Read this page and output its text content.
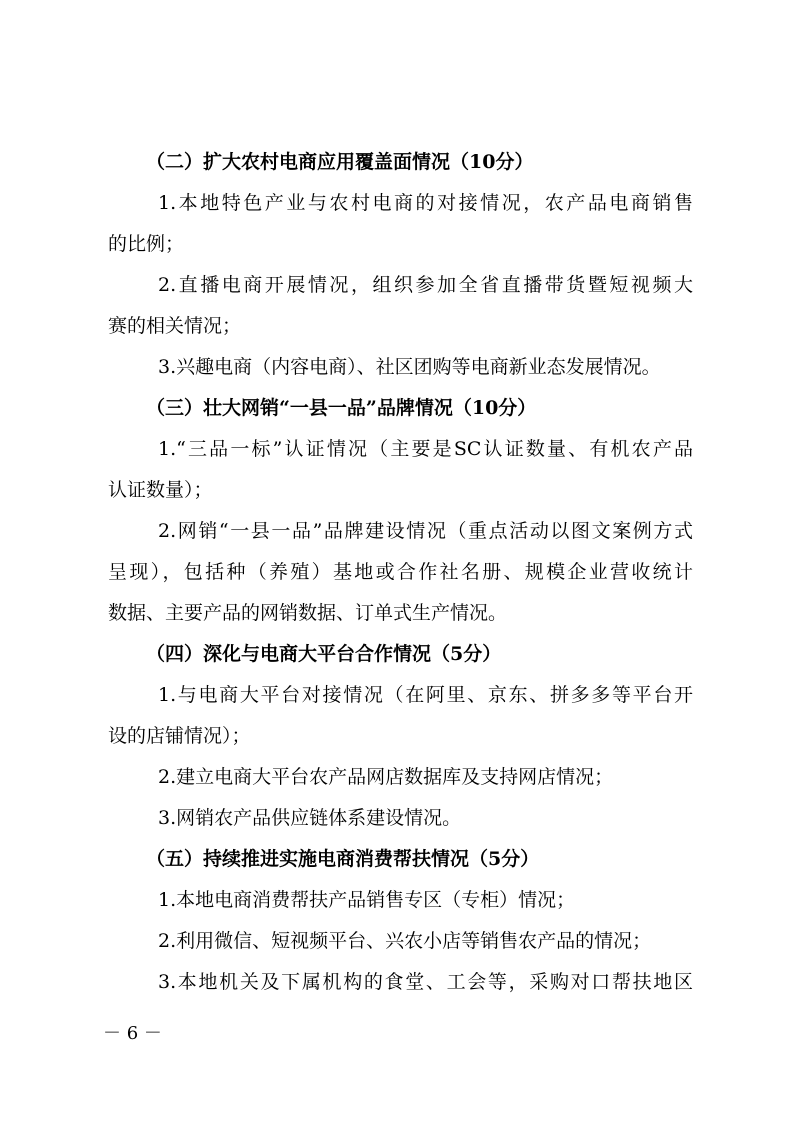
（二）扩大农村电商应用覆盖面情况（10分）
1.本地特色产业与农村电商的对接情况，农产品电商销售
的比例；
2.直播电商开展情况，组织参加全省直播带货暨短视频大
赛的相关情况；
3.兴趣电商（内容电商）、社区团购等电商新业态发展情况。
（三）壮大网销“一县一品”品牌情况（10分）
1.“三品一标”认证情况（主要是SC认证数量、有机农产品
认证数量）；
2.网销“一县一品”品牌建设情况（重点活动以图文案例方式
呈现），包括种（养殖）基地或合作社名册、规模企业营收统计
数据、主要产品的网销数据、订单式生产情况。
（四）深化与电商大平台合作情况（5分）
1.与电商大平台对接情况（在阿里、京东、拼多多等平台开
设的店铺情况）；
2.建立电商大平台农产品网店数据库及支持网店情况；
3.网销农产品供应链体系建设情况。
（五）持续推进实施电商消费帮扶情况（5分）
1.本地电商消费帮扶产品销售专区（专柜）情况；
2.利用微信、短视频平台、兴农小店等销售农产品的情况；
3.本地机关及下属机构的食堂、工会等，采购对口帮扶地区
－ 6 －
